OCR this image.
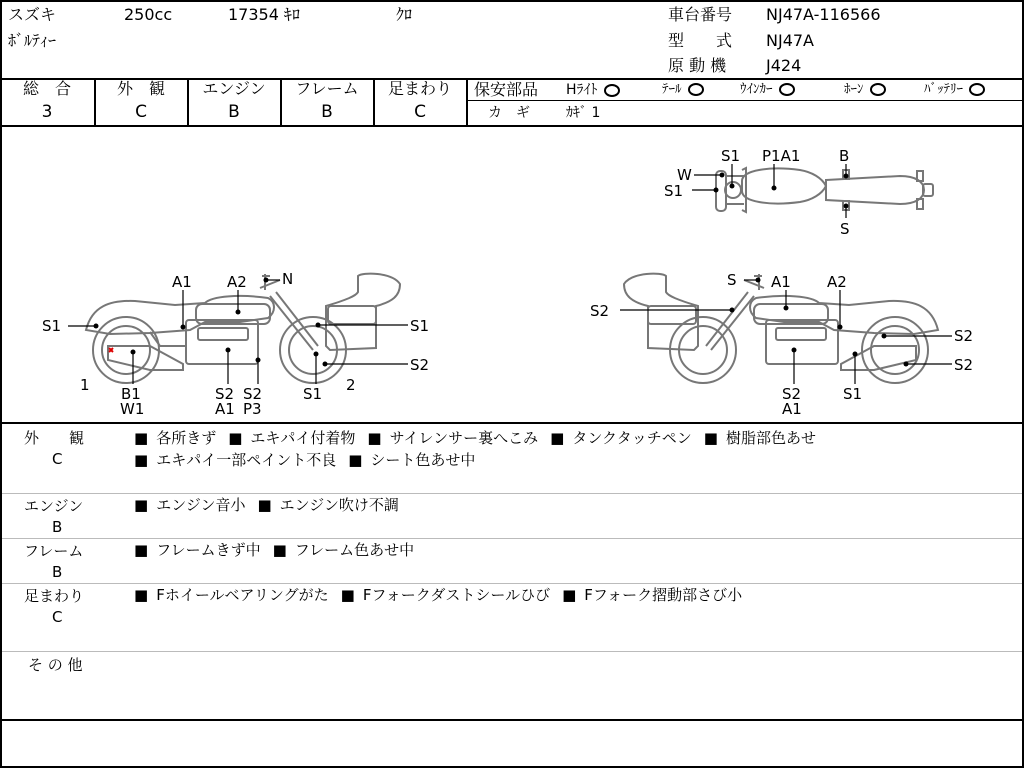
スズキ	250cc	17354 ｷﾛ	ｸﾛ
ﾎﾞﾙﾃｨｰ
車台番号 NJ47A-116566
型　　式 NJ47A
原 動 機 J424
総　合
3
外　観
C
エンジン
B
フレーム
B
足まわり
C
保安部品 Hﾗｲﾄ	ﾃｰﾙ	ｳｲﾝｶｰ	ﾎｰﾝ	ﾊﾞｯﾃﾘｰ
カ　ギ	ｶｷﾞ 1
S1
W
S1
P1A1	B
S
A1 A2 N
S1	S1
S2
1	2
B1
W1
S2
A1
S2
P3
S1
S A1 A2
S2
S2
S2
S2
A1
S1
外　　観
C
■ 各所きず ■ エキパイ付着物 ■ サイレンサー裏へこみ ■ タンクタッチペン ■ 樹脂部色あせ■ エキパイ一部ペイント不良 ■ シート色あせ中
エンジン
B
■ エンジン音小 ■ エンジン吹け不調
フレーム
B
■ フレームきず中 ■ フレーム色あせ中
足まわり
C
■ Fホイールベアリングがた ■ Fフォークダストシールひび ■ Fフォーク摺動部さび小
そ の 他
